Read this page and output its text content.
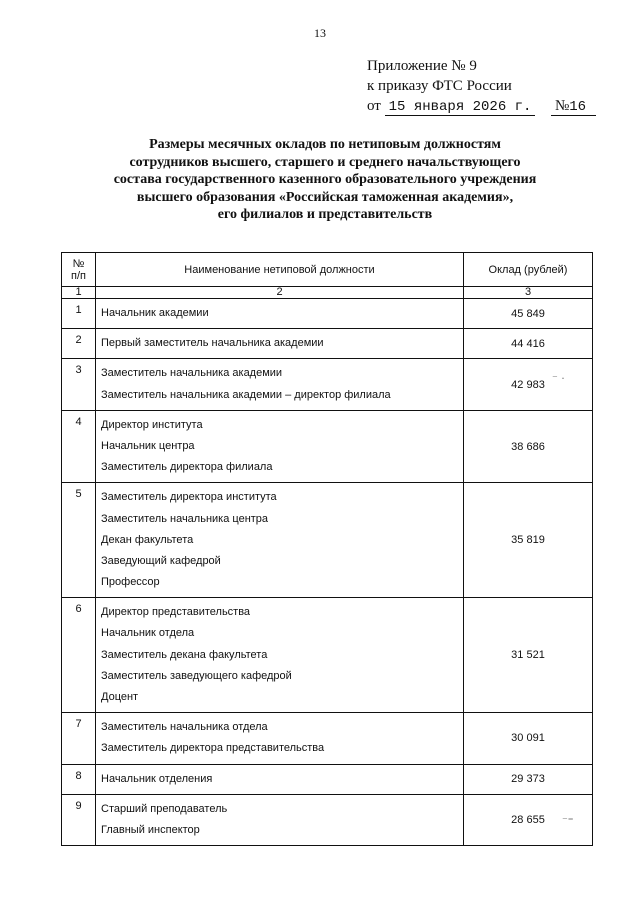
13
Приложение № 9
к приказу ФТС России
от 15 января 2026 г. №16
Размеры месячных окладов по нетиповым должностям
сотрудников высшего, старшего и среднего начальствующего
состава государственного казенного образовательного учреждения
высшего образования «Российская таможенная академия»,
его филиалов и представительств
№
п/п	Наименование нетиповой должности	Оклад (рублей)
1	2	3
1	Начальник академии	45 849
2	Первый заместитель начальника академии	44 416
3	Заместитель начальника академии
Заместитель начальника академии – директор филиала	42 983
4	Директор института
Начальник центра
Заместитель директора филиала	38 686
5	Заместитель директора института
Заместитель начальника центра
Декан факультета
Заведующий кафедрой
Профессор	35 819
6	Директор представительства
Начальник отдела
Заместитель декана факультета
Заместитель заведующего кафедрой
Доцент	31 521
7	Заместитель начальника отдела
Заместитель директора представительства	30 091
8	Начальник отделения	29 373
9	Старший преподаватель
Главный инспектор	28 655
⁻ ·
⁻⁼
